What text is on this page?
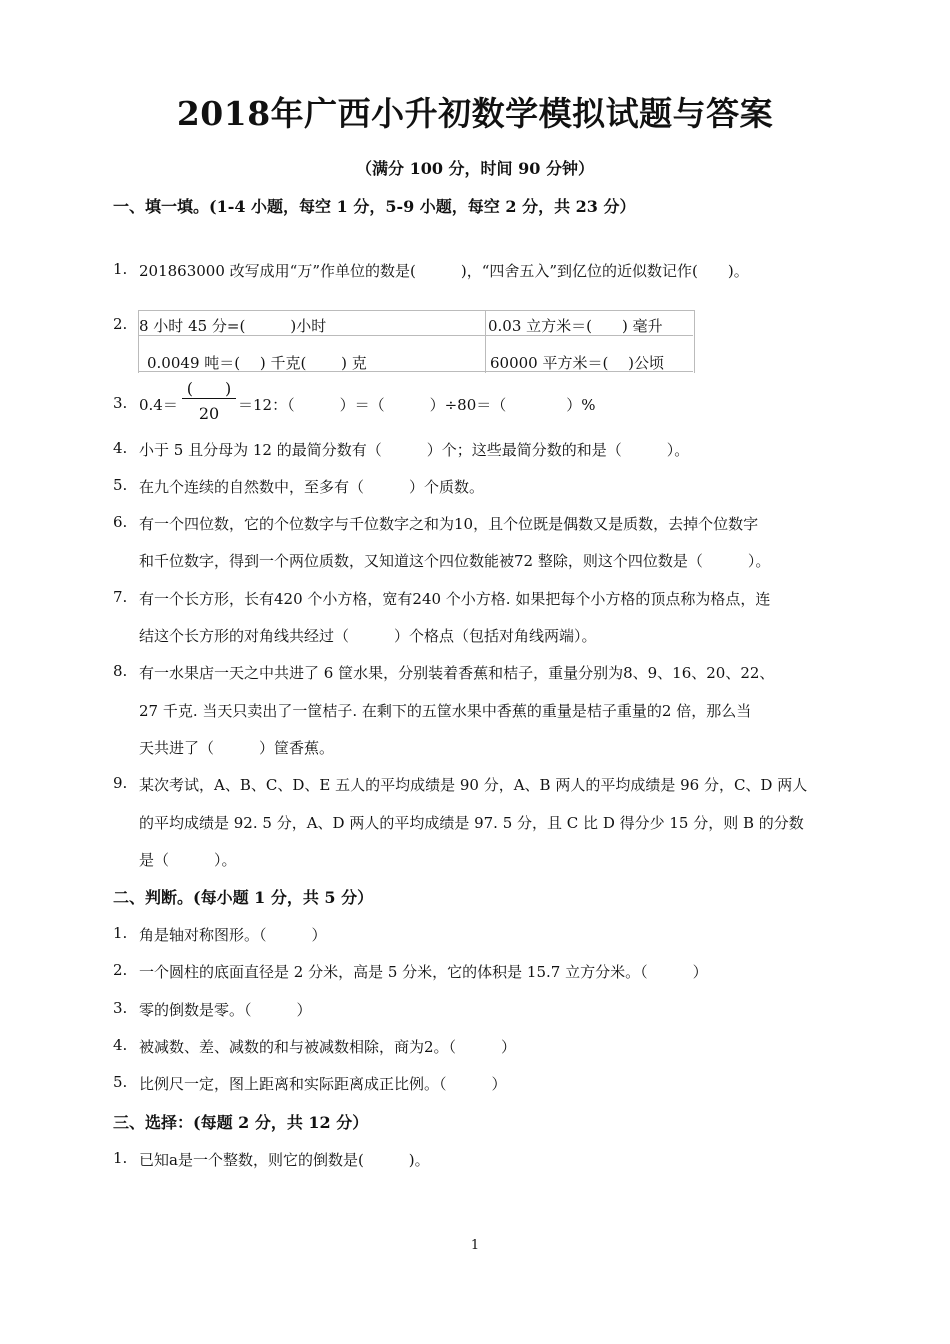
2018年广西小升初数学模拟试题与答案
（满分 100 分，时间 90 分钟）
一、填一填。(1-4 小题，每空 1 分，5-9 小题，每空 2 分，共 23 分）
1. 201863000 改写成用“万”作单位的数是(　　　)，“四舍五入”到亿位的近似数记作(　　)。
2. 8 小时 45 分=(　　　)小时	0.03 立方米＝(　　) 毫升
0.0049 吨＝(　 ) 千克(　　 ) 克	60000 平方米＝(　 )公顷
3. 0.4＝
(　　)
20	＝12：（　　　）＝（　　　）÷80＝（　　　　）%
4. 小于 5 且分母为 12 的最简分数有（　　　）个；这些最简分数的和是（　　　）。
5. 在九个连续的自然数中，至多有（　　　）个质数。
6. 有一个四位数，它的个位数字与千位数字之和为10，且个位既是偶数又是质数，去掉个位数字
和千位数字，得到一个两位质数，又知道这个四位数能被72 整除，则这个四位数是（　　　）。
7. 有一个长方形，长有420 个小方格，宽有240 个小方格. 如果把每个小方格的顶点称为格点，连
结这个长方形的对角线共经过（　　　）个格点（包括对角线两端）。
8. 有一水果店一天之中共进了 6 筐水果，分别装着香蕉和桔子，重量分别为8、9、16、20、22、
27 千克. 当天只卖出了一筐桔子. 在剩下的五筐水果中香蕉的重量是桔子重量的2 倍，那么当
天共进了（　　　）筐香蕉。
9. 某次考试，A、B、C、D、E 五人的平均成绩是 90 分，A、B 两人的平均成绩是 96 分，C、D 两人
的平均成绩是 92. 5 分，A、D 两人的平均成绩是 97. 5 分，且 C 比 D 得分少 15 分，则 B 的分数
是（　　　）。
二、判断。(每小题 1 分，共 5 分）
1. 角是轴对称图形。（　　　）
2. 一个圆柱的底面直径是 2 分米，高是 5 分米，它的体积是 15.7 立方分米。（　　　）
3. 零的倒数是零。（　　　）
4. 被减数、差、减数的和与被减数相除，商为2。（　　　）
5. 比例尺一定，图上距离和实际距离成正比例。（　　　）
三、选择：(每题 2 分，共 12 分）
1. 已知a是一个整数，则它的倒数是(　　　)。
1
